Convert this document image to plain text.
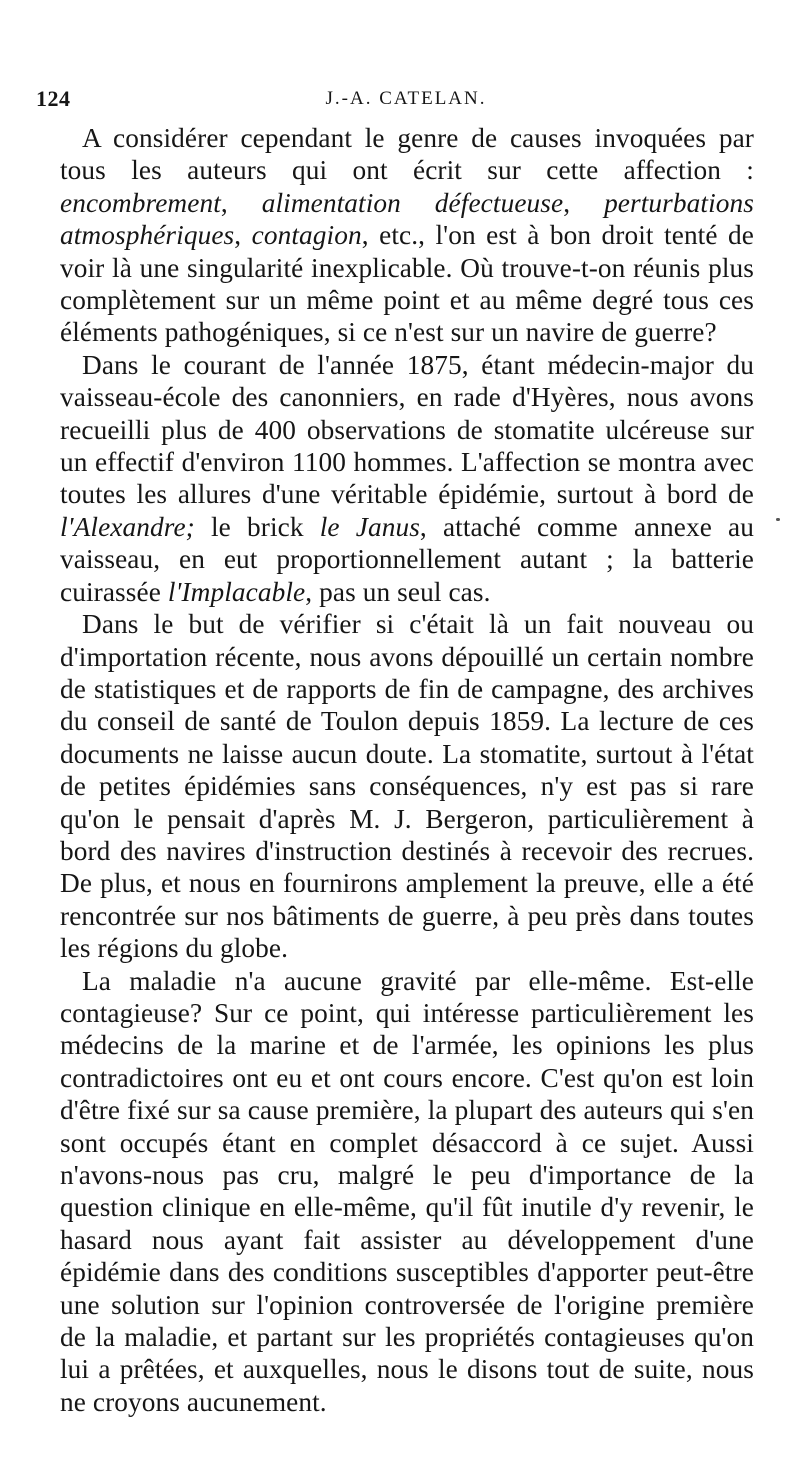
124	J.-A. CATELAN.

A considérer cependant le genre de causes invoquées par tous les auteurs qui ont écrit sur cette affection : encombrement, alimentation défectueuse, perturbations atmosphériques, contagion, etc., l'on est à bon droit tenté de voir là une singularité inexplicable. Où trouve-t-on réunis plus complètement sur un même point et au même degré tous ces éléments pathogéniques, si ce n'est sur un navire de guerre?

Dans le courant de l'année 1875, étant médecin-major du vaisseau-école des canonniers, en rade d'Hyères, nous avons recueilli plus de 400 observations de stomatite ulcéreuse sur un effectif d'environ 1100 hommes. L'affection se montra avec toutes les allures d'une véritable épidémie, surtout à bord de l'Alexandre; le brick le Janus, attaché comme annexe au vaisseau, en eut proportionnellement autant ; la batterie cuirassée l'Implacable, pas un seul cas.

Dans le but de vérifier si c'était là un fait nouveau ou d'importation récente, nous avons dépouillé un certain nombre de statistiques et de rapports de fin de campagne, des archives du conseil de santé de Toulon depuis 1859. La lecture de ces documents ne laisse aucun doute. La stomatite, surtout à l'état de petites épidémies sans conséquences, n'y est pas si rare qu'on le pensait d'après M. J. Bergeron, particulièrement à bord des navires d'instruction destinés à recevoir des recrues. De plus, et nous en fournirons amplement la preuve, elle a été rencontrée sur nos bâtiments de guerre, à peu près dans toutes les régions du globe.

La maladie n'a aucune gravité par elle-même. Est-elle contagieuse? Sur ce point, qui intéresse particulièrement les médecins de la marine et de l'armée, les opinions les plus contradictoires ont eu et ont cours encore. C'est qu'on est loin d'être fixé sur sa cause première, la plupart des auteurs qui s'en sont occupés étant en complet désaccord à ce sujet. Aussi n'avons-nous pas cru, malgré le peu d'importance de la question clinique en elle-même, qu'il fût inutile d'y revenir, le hasard nous ayant fait assister au développement d'une épidémie dans des conditions susceptibles d'apporter peut-être une solution sur l'opinion controversée de l'origine première de la maladie, et partant sur les propriétés contagieuses qu'on lui a prêtées, et auxquelles, nous le disons tout de suite, nous ne croyons aucunement.
